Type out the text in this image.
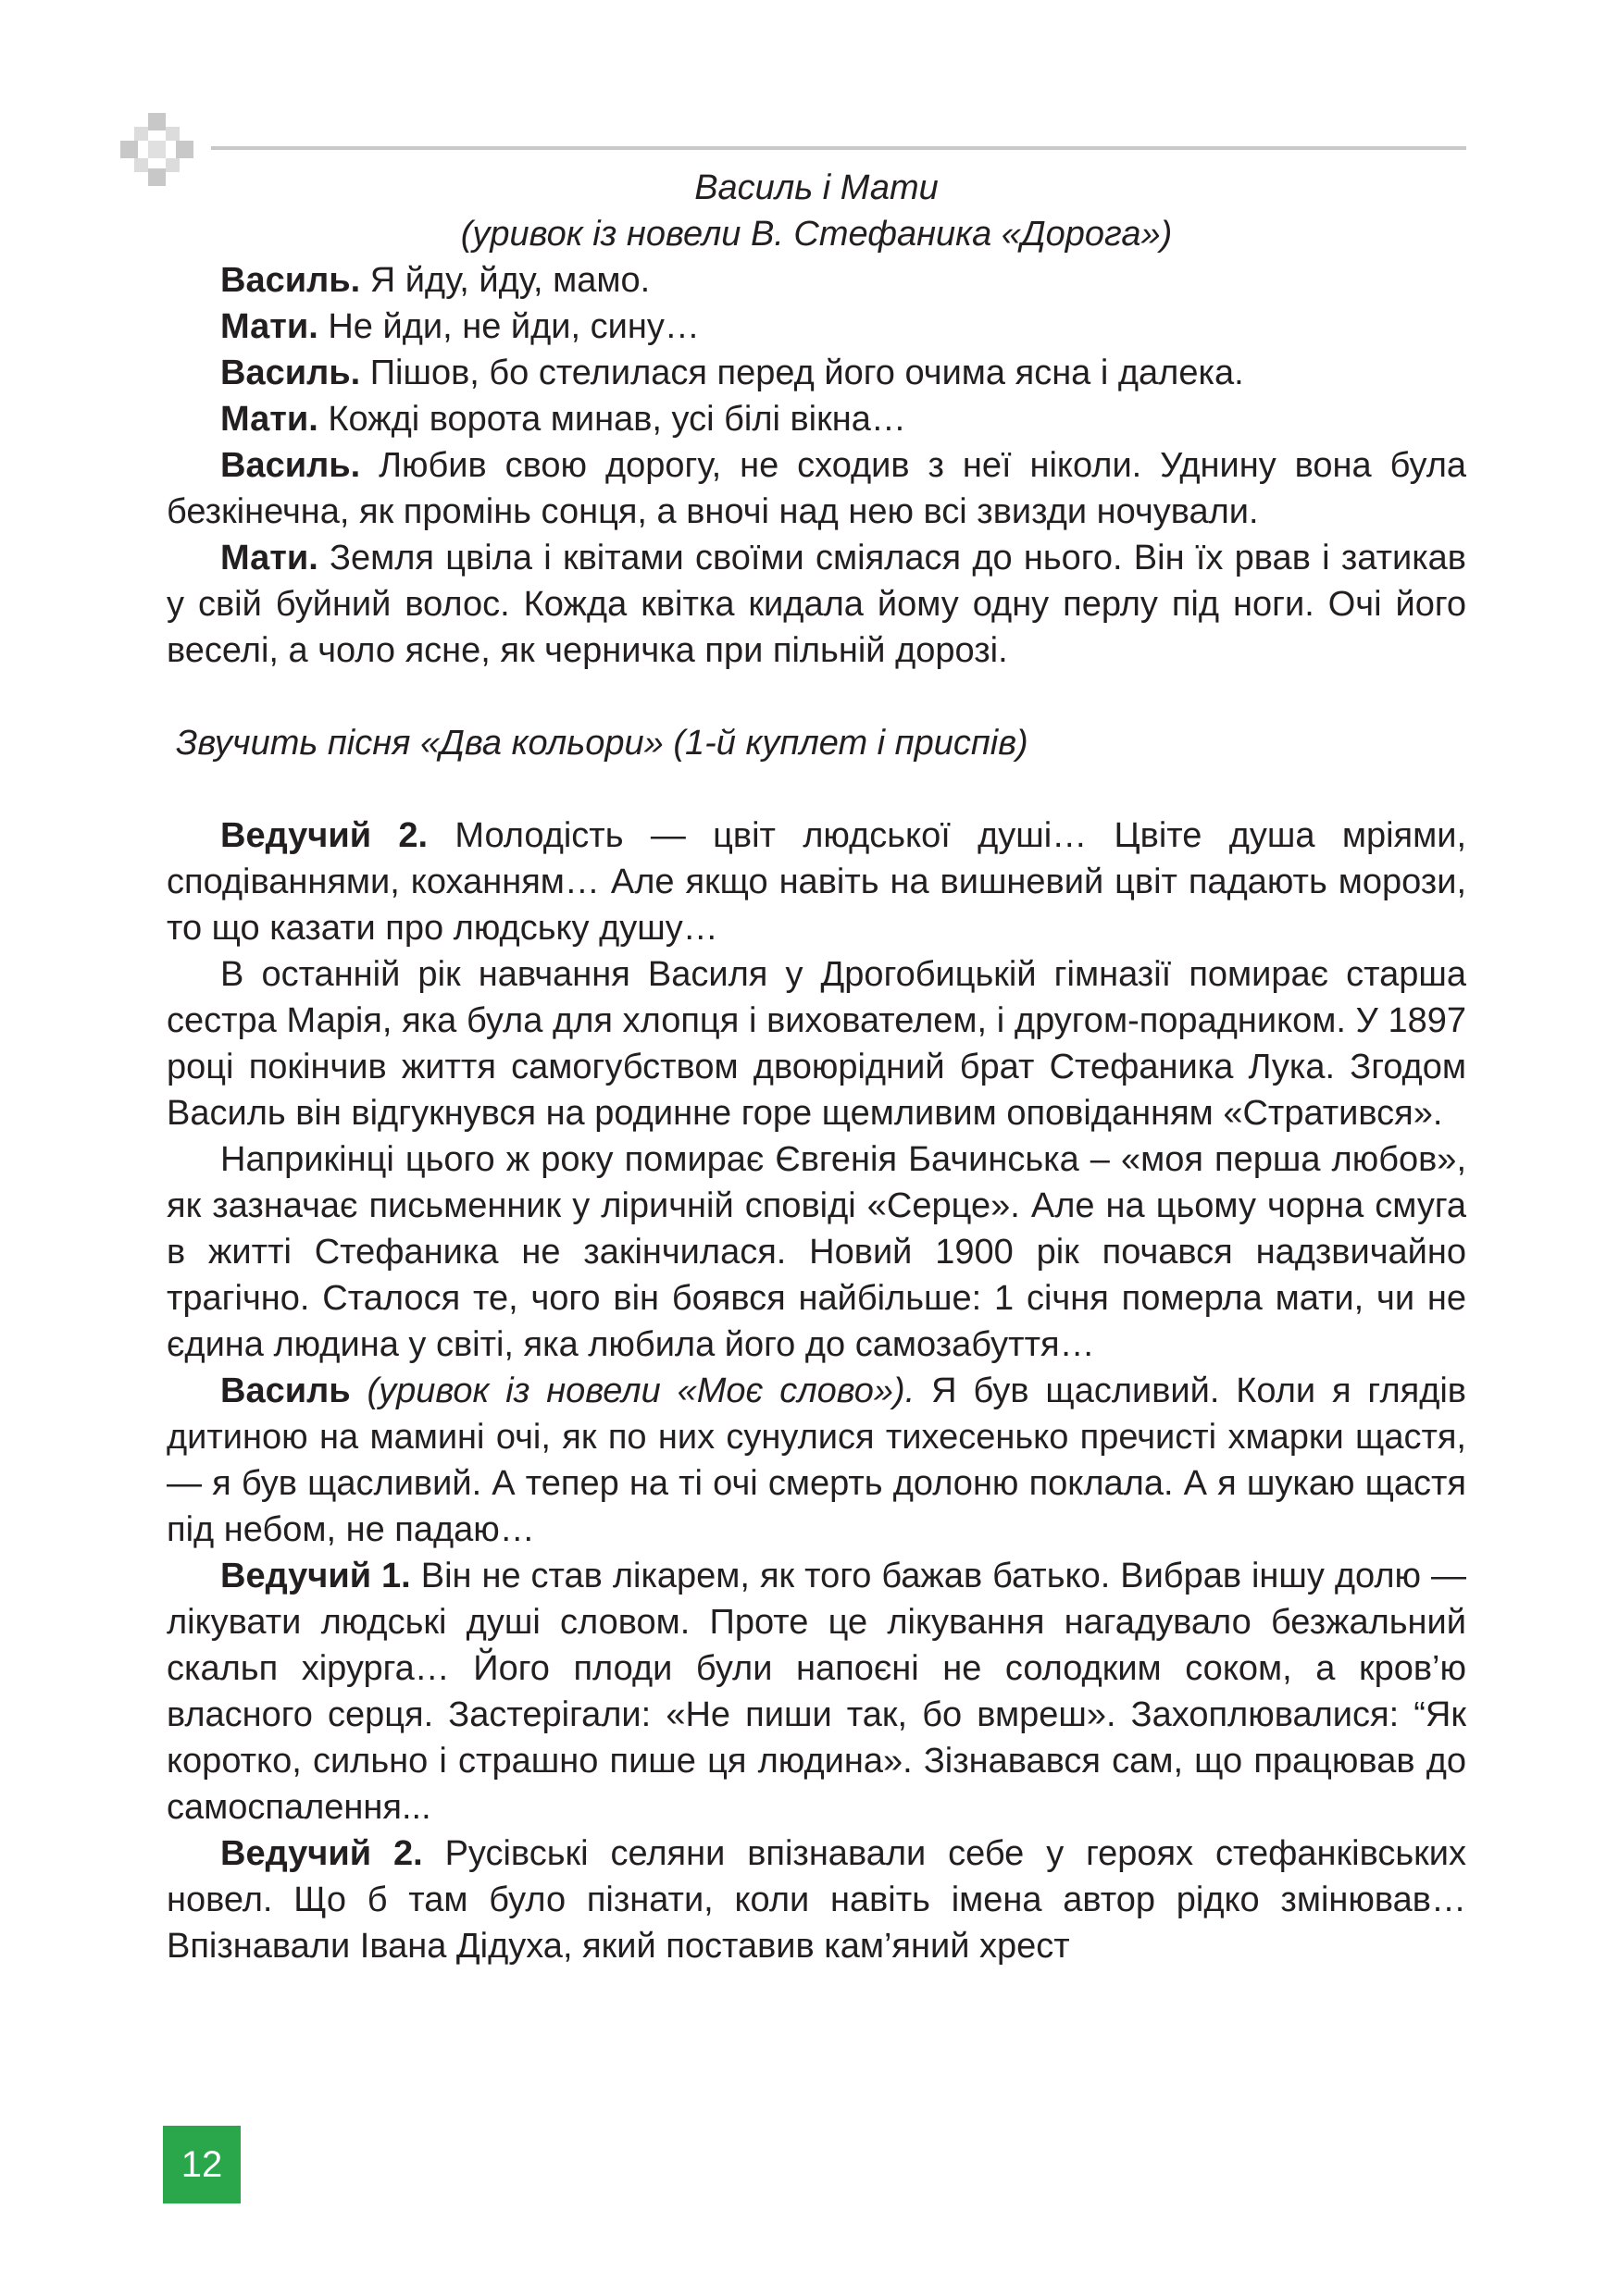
Василь і Мати

(уривок із новели В. Стефаника «Дорога»)

Василь. Я йду, йду, мамо.

Мати. Не йди, не йди, сину…

Василь. Пішов, бо стелилася перед його очима ясна і далека.

Мати. Кожді ворота минав, усі білі вікна…

Василь. Любив свою дорогу, не сходив з неї ніколи. Уднину вона була безкінечна, як промінь сонця, а вночі над нею всі звизди ночували.

Мати. Земля цвіла і квітами своїми сміялася до нього. Він їх рвав і затикав у свій буйний волос. Кожда квітка кидала йому одну перлу під ноги. Очі його веселі, а чоло ясне, як черничка при пільній дорозі.

Звучить пісня «Два кольори» (1-й куплет і приспів)

Ведучий 2. Молодість — цвіт людської душі… Цвіте душа мріями, сподіваннями, коханням… Але якщо навіть на вишневий цвіт падають морози, то що казати про людську душу…

В останній рік навчання Василя у Дрогобицькій гімназії помирає старша сестра Марія, яка була для хлопця і вихователем, і другом-порадником. У 1897 році покінчив життя самогубством двоюрідний брат Стефаника Лука. Згодом Василь він відгукнувся на родинне горе щемливим оповіданням «Стратився».

Наприкінці цього ж року помирає Євгенія Бачинська – «моя перша любов», як зазначає письменник у ліричній сповіді «Серце». Але на цьому чорна смуга в житті Стефаника не закінчилася. Новий 1900 рік почався надзвичайно трагічно. Сталося те, чого він боявся найбільше: 1 січня померла мати, чи не єдина людина у світі, яка любила його до самозабуття…

Василь (уривок із новели «Моє слово»). Я був щасливий. Коли я глядів дитиною на мамині очі, як по них сунулися тихесенько пречисті хмарки щастя, — я був щасливий. А тепер на ті очі смерть долоню поклала. А я шукаю щастя під небом, не падаю…

Ведучий 1. Він не став лікарем, як того бажав батько. Вибрав іншу долю — лікувати людські душі словом. Проте це лікування нагадувало безжальний скальп хірурга… Його плоди були напоєні не солодким соком, а кров’ю власного серця. Застерігали: «Не пиши так, бо вмреш». Захоплювалися: “Як коротко, сильно і страшно пише ця людина». Зізнавався сам, що працював до самоспалення...

Ведучий 2. Русівські селяни впізнавали себе у героях стефанківських новел. Що б там було пізнати, коли навіть імена автор рідко змінював… Впізнавали Івана Дідуха, який поставив кам’яний хрест

12
